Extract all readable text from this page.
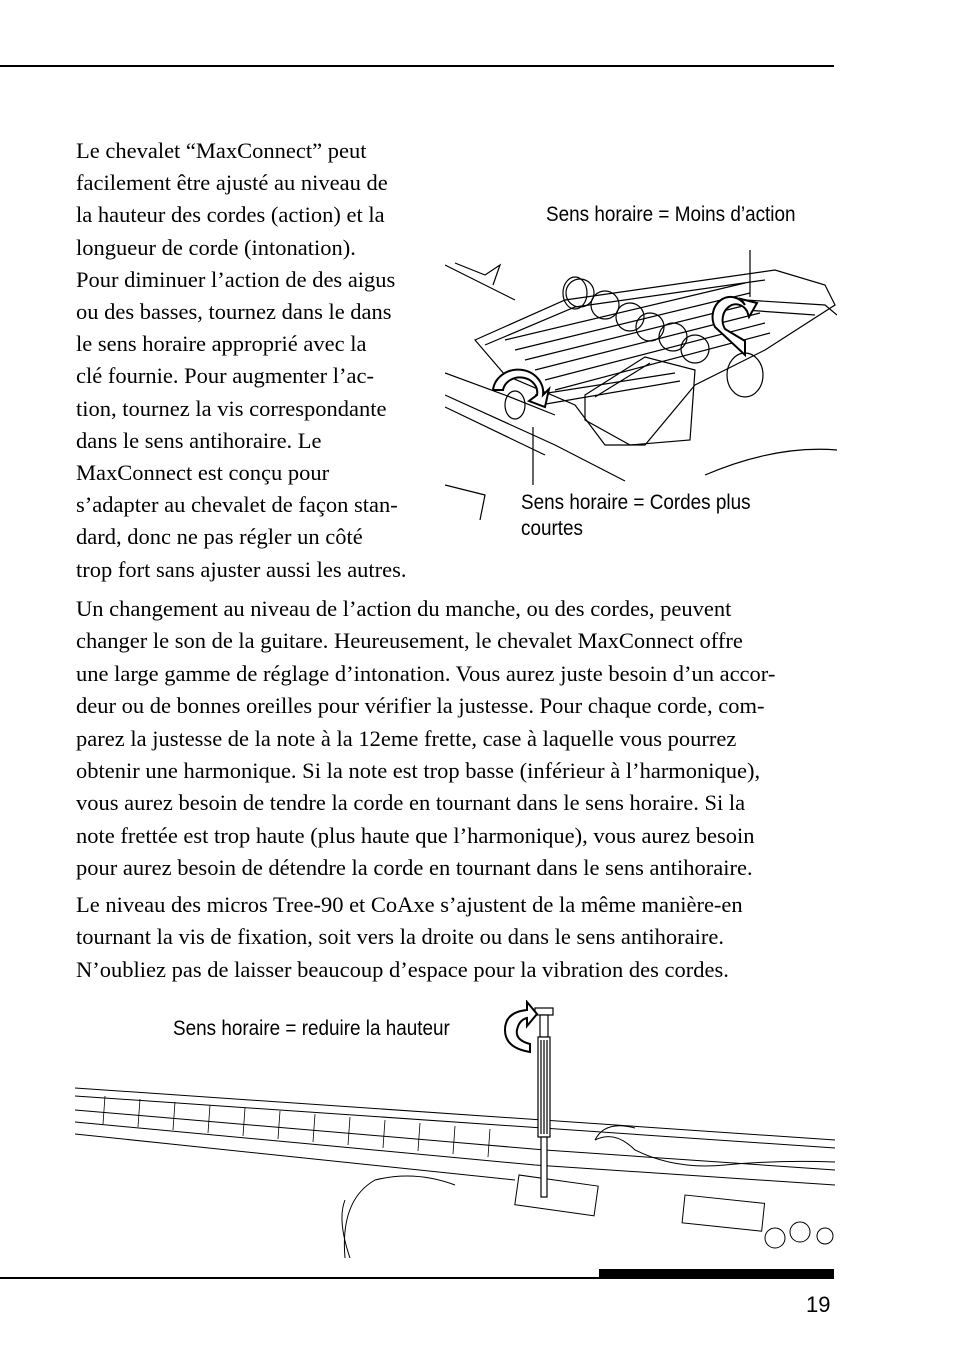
Le chevalet “MaxConnect” peut
facilement être ajusté au niveau de
la hauteur des cordes (action) et la
longueur de corde (intonation).
Pour diminuer l’action de des aigus
ou des basses, tournez dans le dans
le sens horaire approprié avec la
clé fournie. Pour augmenter l’ac-
tion, tournez la vis correspondante
dans le sens antihoraire. Le
MaxConnect est conçu pour
s’adapter au chevalet de façon stan-
dard, donc ne pas régler un côté
trop fort sans ajuster aussi les autres.
Sens horaire = Moins d’action
Sens horaire = Cordes plus
courtes
Un changement au niveau de l’action du manche, ou des cordes, peuvent
changer le son de la guitare. Heureusement, le chevalet MaxConnect offre
une large gamme de réglage d’intonation. Vous aurez juste besoin d’un accor-
deur ou de bonnes oreilles pour vérifier la justesse. Pour chaque corde, com-
parez la justesse de la note à la 12eme frette, case à laquelle vous pourrez
obtenir une harmonique. Si la note est trop basse (inférieur à l’harmonique),
vous aurez besoin de tendre la corde en tournant dans le sens horaire. Si la
note frettée est trop haute (plus haute que l’harmonique), vous aurez besoin
pour aurez besoin de détendre la corde en tournant dans le sens antihoraire.
Le niveau des micros Tree-90 et CoAxe s’ajustent de la même manière-en
tournant la vis de fixation, soit vers la droite ou dans le sens antihoraire.
N’oubliez pas de laisser beaucoup d’espace pour la vibration des cordes.
Sens horaire = reduire la hauteur
19
